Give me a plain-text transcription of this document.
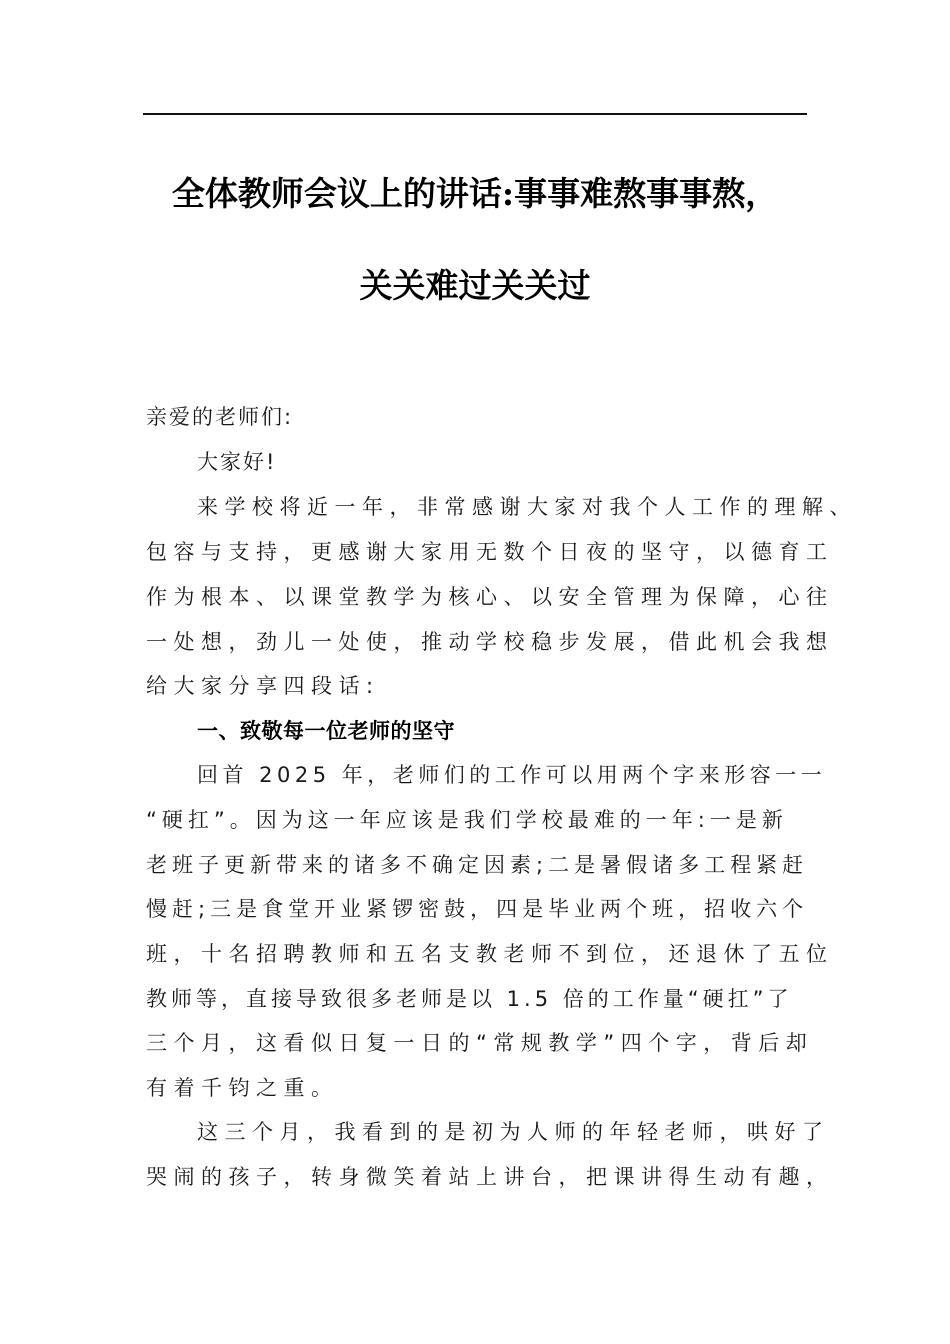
全体教师会议上的讲话:事事难熬事事熬，
关关难过关关过
亲爱的老师们:
大家好!
来学校将近一年，非常感谢大家对我个人工作的理解、
包容与支持，更感谢大家用无数个日夜的坚守，以德育工
作为根本、以课堂教学为核心、以安全管理为保障，心往
一处想，劲儿一处使，推动学校稳步发展，借此机会我想
给大家分享四段话:
一、致敬每一位老师的坚守
回首 2025 年，老师们的工作可以用两个字来形容一一
“硬扛”。因为这一年应该是我们学校最难的一年:一是新
老班子更新带来的诸多不确定因素;二是暑假诸多工程紧赶
慢赶;三是食堂开业紧锣密鼓，四是毕业两个班，招收六个
班，十名招聘教师和五名支教老师不到位，还退休了五位
教师等，直接导致很多老师是以 1.5 倍的工作量“硬扛”了
三个月，这看似日复一日的“常规教学”四个字，背后却
有着千钧之重。
这三个月，我看到的是初为人师的年轻老师，哄好了
哭闹的孩子，转身微笑着站上讲台，把课讲得生动有趣，
